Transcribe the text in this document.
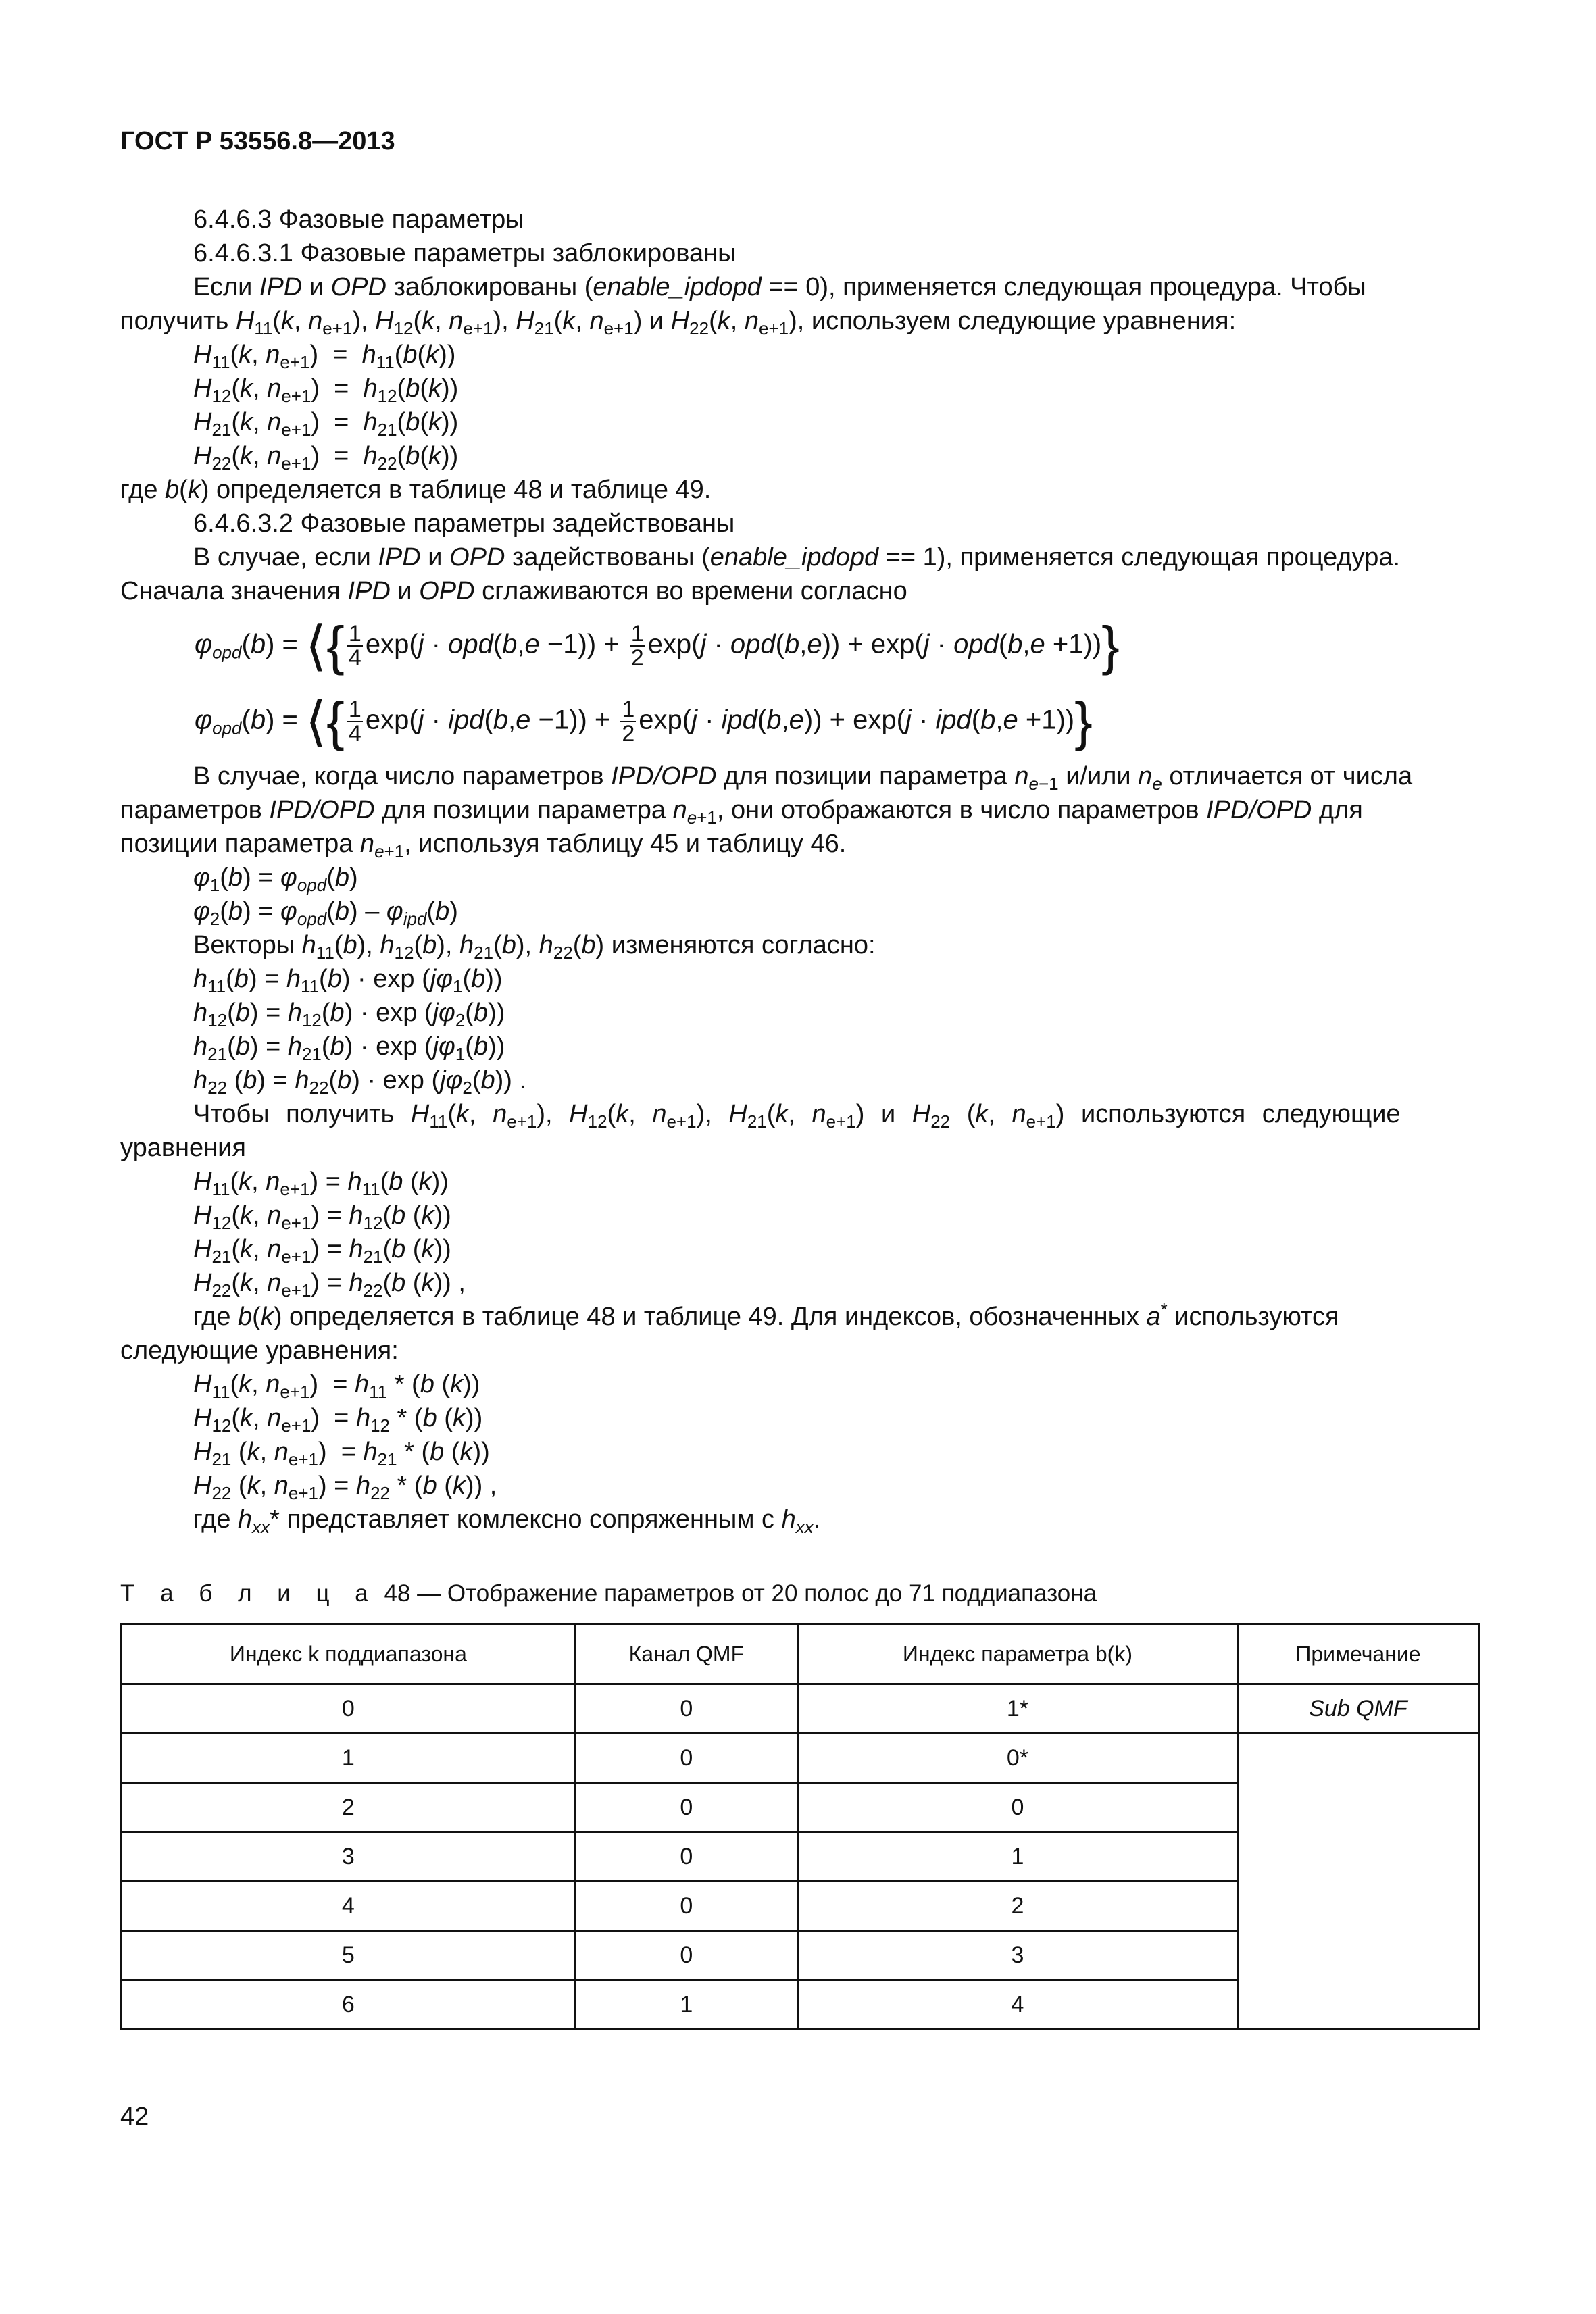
ГОСТ Р 53556.8—2013

6.4.6.3 Фазовые параметры

6.4.6.3.1 Фазовые параметры заблокированы

Если IPD и OPD заблокированы (enable_ipdopd == 0), применяется следующая процедура. Чтобы

получить $H_{11}(k$, $n_{e+1}$), $H_{12}(k$, $n_{e+1}$), $H_{21}(k$, $n_{e+1}$) и $H_{22}(k$, $n_{e+1}$), используем следующие уравнения:

$H_{11}(k$, $n_{e+1}) = h_{11}(b(k))$

$H_{12}(k$, $n_{e+1}) = h_{12}(b(k))$

$H_{21}(k$, $n_{e+1}) = h_{21}(b(k))$

$H_{22}(k$, $n_{e+1}) = h_{22}(b(k))$

где b(k) определяется в таблице 48 и таблице 49.

6.4.6.3.2 Фазовые параметры задействованы

В случае, если IPD и OPD задействованы (enable_ipdopd == 1), применяется следующая процедура.

Сначала значения IPD и OPD сглаживаются во времени согласно

$\varphi_{opd}(b)$ = ⟨{ $\frac{1}{4} \exp(j \cdot opd(b,e -1)) + \frac{1}{2} \exp(j \cdot opd(b,e)) + \exp(j \cdot opd(b,e +1))$}
$\varphi_{opd}(b)$ = ⟨{ $\frac{1}{4} \exp(j \cdot ipd(b,e -1)) + \frac{1}{2} \exp(j \cdot ipd(b,e)) + \exp(j \cdot ipd(b,e +1))$}

В случае, когда число параметров IPD/OPD для позиции параметра $n_{e-1}$ и/или $n_e$ отличается от числа

параметров IPD/OPD для позиции параметра $n_{e+1}$, они отображаются в число параметров IPD/OPD для

позиции параметра $n_{e+1}$, используя таблицу 45 и таблицу 46.

$\varphi_1(b) = \varphi_{opd}(b)$

$\varphi_2(b) = \varphi_{opd}(b) - \varphi_{ipd}(b)$

Векторы $h_{11}(b)$, $h_{12}(b)$, $h_{21}(b)$, $h_{22}(b)$ изменяются согласно:

$h_{11}(b) = h_{11}(b) \cdot \exp (j\varphi_1(b))$

$h_{12}(b) = h_{12}(b) \cdot \exp (j\varphi_2(b))$

$h_{21}(b) = h_{21}(b) \cdot \exp (j\varphi_1(b))$

$h_{22}$ $(b) = h_{22}(b) \cdot \exp (j\varphi_2(b))$ .

Чтобы получить $H_{11}(k$, $n_{e+1}$), $H_{12}(k$, $n_{e+1}$), $H_{21}(k$, $n_{e+1}$) и $H_{22}$ (k, $n_{e+1}$) используются следующие

уравнения

$H_{11}(k$, $n_{e+1}) = h_{11}(b$ (k))

$H_{12}(k$, $n_{e+1}) = h_{12}(b$ (k))

$H_{21}(k$, $n_{e+1}) = h_{21}(b$ (k))

$H_{22}(k$, $n_{e+1}) = h_{22}(b$ (k)) ,

где b(k) определяется в таблице 48 и таблице 49. Для индексов, обозначенных a* используются

следующие уравнения:

$H_{11}(k$, $n_{e+1}) = h_{11} * (b$ (k))

$H_{12}(k$, $n_{e+1}) = h_{12} * (b$ (k))

$H_{21}$ (k, $n_{e+1}) = h_{21} * (b$ (k))

$H_{22}$ (k, $n_{e+1}) = h_{22} * (b$ (k)) ,

где $h_{xx}*$ представляет комлексно сопряженным с $h_{xx}$.

Т а б л и ц а 48 — Отображение параметров от 20 полос до 71 поддиапазона

Индекс k поддиапазона	Канал QMF	Индекс параметра b(k)	Примечание
0	0	1*	Sub QMF
1	0	0*	
2	0	0	
3	0	1	
4	0	2	
5	0	3	
6	1	4	
42
